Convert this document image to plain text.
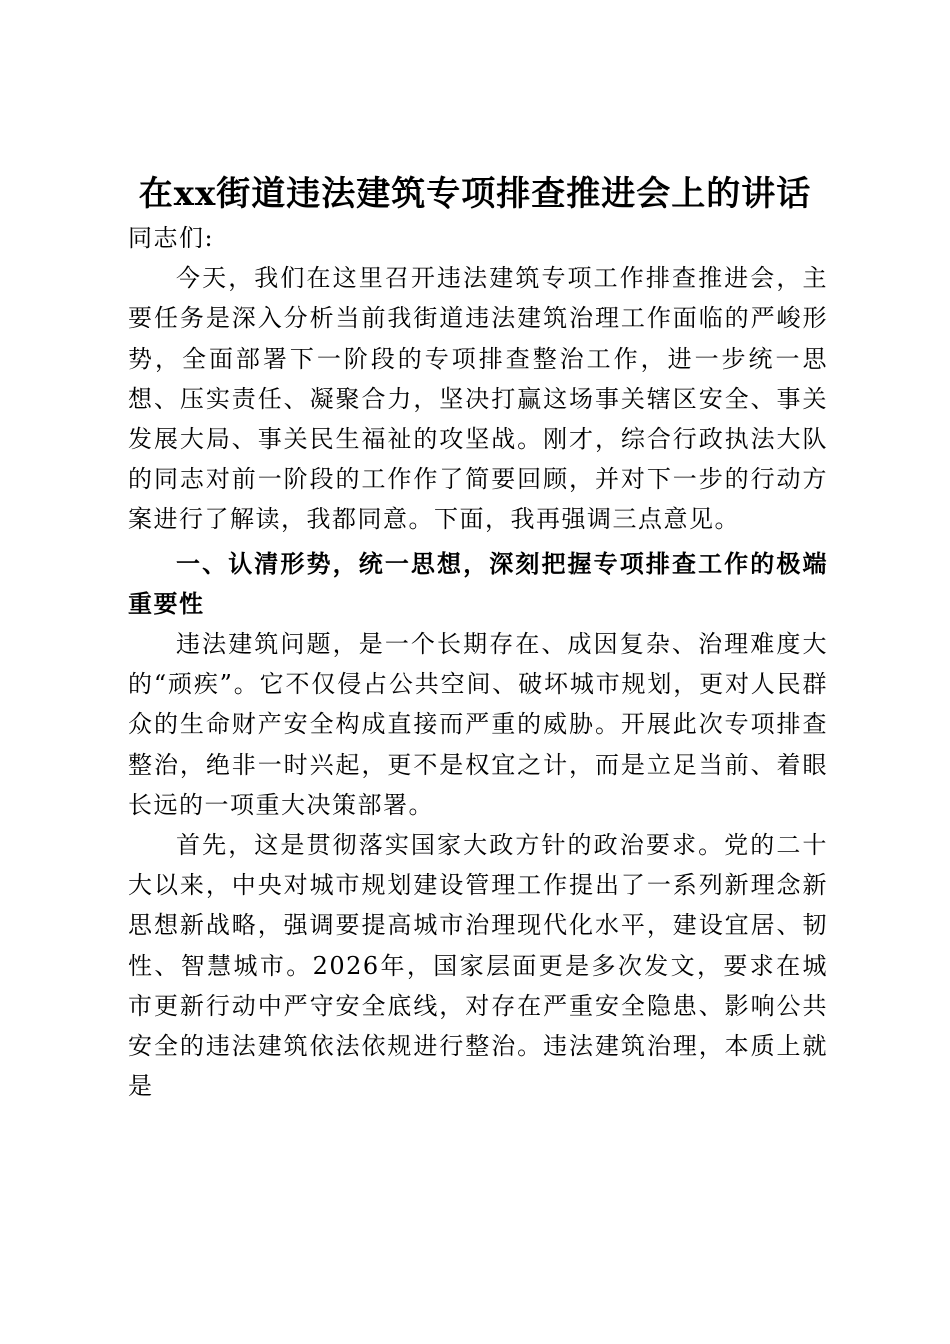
在xx街道违法建筑专项排查推进会上的讲话

同志们:

今天，我们在这里召开违法建筑专项工作排查推进会，主要任务是深入分析当前我街道违法建筑治理工作面临的严峻形势，全面部署下一阶段的专项排查整治工作，进一步统一思想、压实责任、凝聚合力，坚决打赢这场事关辖区安全、事关发展大局、事关民生福祉的攻坚战。刚才，综合行政执法大队的同志对前一阶段的工作作了简要回顾，并对下一步的行动方案进行了解读，我都同意。下面，我再强调三点意见。

一、认清形势，统一思想，深刻把握专项排查工作的极端重要性

违法建筑问题，是一个长期存在、成因复杂、治理难度大的“顽疾”。它不仅侵占公共空间、破坏城市规划，更对人民群众的生命财产安全构成直接而严重的威胁。开展此次专项排查整治，绝非一时兴起，更不是权宜之计，而是立足当前、着眼长远的一项重大决策部署。

首先，这是贯彻落实国家大政方针的政治要求。党的二十大以来，中央对城市规划建设管理工作提出了一系列新理念新思想新战略，强调要提高城市治理现代化水平，建设宜居、韧性、智慧城市。2026年，国家层面更是多次发文，要求在城市更新行动中严守安全底线，对存在严重安全隐患、影响公共安全的违法建筑依法依规进行整治。违法建筑治理，本质上就是
